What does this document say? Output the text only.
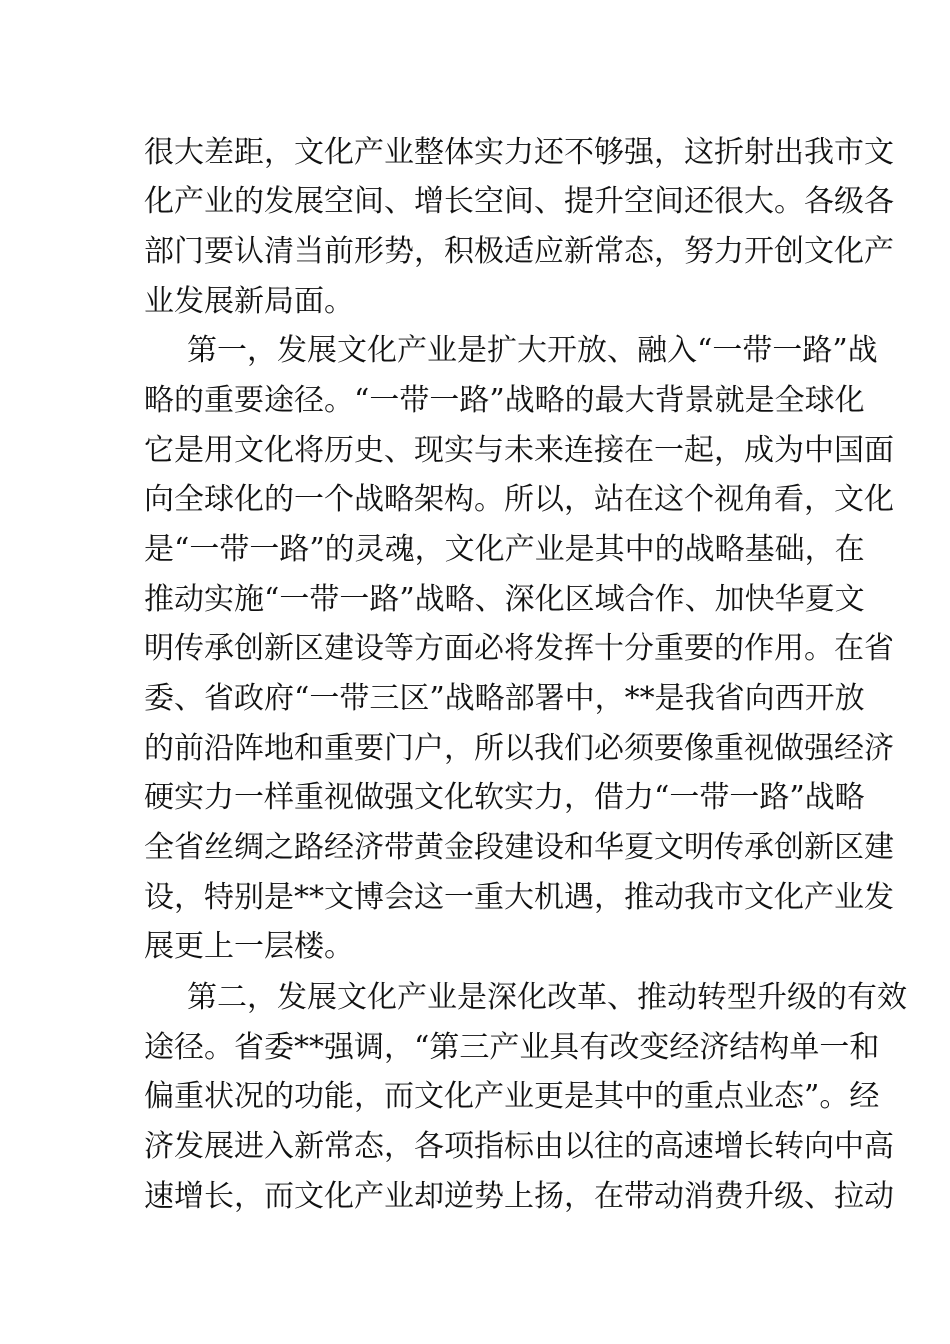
很大差距，文化产业整体实力还不够强，这折射出我市文
化产业的发展空间、增长空间、提升空间还很大。各级各
部门要认清当前形势，积极适应新常态，努力开创文化产
业发展新局面。
第一，发展文化产业是扩大开放、融入“一带一路”战
略的重要途径。“一带一路”战略的最大背景就是全球化
它是用文化将历史、现实与未来连接在一起，成为中国面
向全球化的一个战略架构。所以，站在这个视角看，文化
是“一带一路”的灵魂，文化产业是其中的战略基础，在
推动实施“一带一路”战略、深化区域合作、加快华夏文
明传承创新区建设等方面必将发挥十分重要的作用。在省
委、省政府“一带三区”战略部署中，**是我省向西开放
的前沿阵地和重要门户，所以我们必须要像重视做强经济
硬实力一样重视做强文化软实力，借力“一带一路”战略
全省丝绸之路经济带黄金段建设和华夏文明传承创新区建
设，特别是**文博会这一重大机遇，推动我市文化产业发
展更上一层楼。
第二，发展文化产业是深化改革、推动转型升级的有效
途径。省委**强调，“第三产业具有改变经济结构单一和
偏重状况的功能，而文化产业更是其中的重点业态”。经
济发展进入新常态，各项指标由以往的高速增长转向中高
速增长，而文化产业却逆势上扬，在带动消费升级、拉动
